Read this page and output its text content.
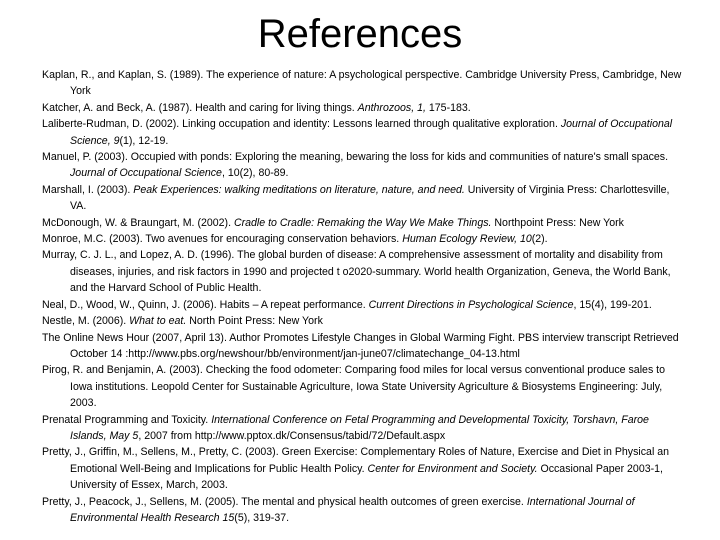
References
Kaplan, R., and Kaplan, S. (1989). The experience of nature: A psychological perspective. Cambridge University Press, Cambridge, New York
Katcher, A. and Beck, A. (1987). Health and caring for living things. Anthrozoos, 1, 175-183.
Laliberte-Rudman, D. (2002). Linking occupation and identity: Lessons learned through qualitative exploration. Journal of Occupational Science, 9(1), 12-19.
Manuel, P. (2003). Occupied with ponds: Exploring the meaning, bewaring the loss for kids and communities of nature's small spaces. Journal of Occupational Science, 10(2), 80-89.
Marshall, I. (2003). Peak Experiences: walking meditations on literature, nature, and need. University of Virginia Press: Charlottesville, VA.
McDonough, W. & Braungart, M. (2002). Cradle to Cradle: Remaking the Way We Make Things. Northpoint Press: New York
Monroe, M.C. (2003). Two avenues for encouraging conservation behaviors. Human Ecology Review, 10(2).
Murray, C. J. L., and Lopez, A. D. (1996). The global burden of disease: A comprehensive assessment of mortality and disability from diseases, injuries, and risk factors in 1990 and projected t o2020-summary. World health Organization, Geneva, the World Bank, and the Harvard School of Public Health.
Neal, D., Wood, W., Quinn, J. (2006). Habits – A repeat performance. Current Directions in Psychological Science, 15(4), 199-201.
Nestle, M. (2006). What to eat. North Point Press: New York
The Online News Hour (2007, April 13). Author Promotes Lifestyle Changes in Global Warming Fight. PBS interview transcript Retrieved October 14 :http://www.pbs.org/newshour/bb/environment/jan-june07/climatechange_04-13.html
Pirog, R. and Benjamin, A. (2003). Checking the food odometer: Comparing food miles for local versus conventional produce sales to Iowa institutions. Leopold Center for Sustainable Agriculture, Iowa State University Agriculture & Biosystems Engineering: July, 2003.
Prenatal Programming and Toxicity. International Conference on Fetal Programming and Developmental Toxicity, Torshavn, Faroe Islands, May 5, 2007 from http://www.pptox.dk/Consensus/tabid/72/Default.aspx
Pretty, J., Griffin, M., Sellens, M., Pretty, C. (2003). Green Exercise: Complementary Roles of Nature, Exercise and Diet in Physical an Emotional Well-Being and Implications for Public Health Policy. Center for Environment and Society. Occasional Paper 2003-1, University of Essex, March, 2003.
Pretty, J., Peacock, J., Sellens, M. (2005). The mental and physical health outcomes of green exercise. International Journal of Environmental Health Research 15(5), 319-37.
